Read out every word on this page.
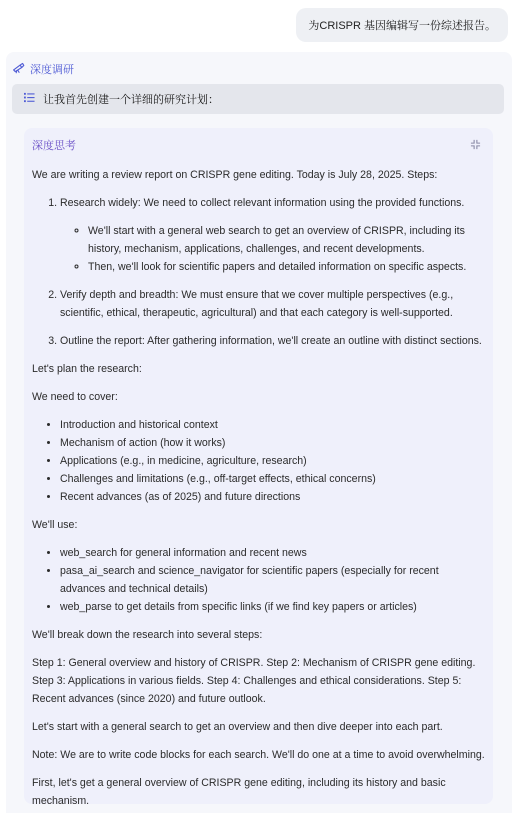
为CRISPR 基因编辑写一份综述报告。
深度调研
让我首先创建一个详细的研究计划：
深度思考

We are writing a review report on CRISPR gene editing. Today is July 28, 2025. Steps:

1. Research widely: We need to collect relevant information using the provided functions.
◦ We'll start with a general web search to get an overview of CRISPR, including its history, mechanism, applications, challenges, and recent developments.
◦ Then, we'll look for scientific papers and detailed information on specific aspects.
2. Verify depth and breadth: We must ensure that we cover multiple perspectives (e.g., scientific, ethical, therapeutic, agricultural) and that each category is well-supported.
3. Outline the report: After gathering information, we'll create an outline with distinct sections.

Let's plan the research:

We need to cover:

• Introduction and historical context
• Mechanism of action (how it works)
• Applications (e.g., in medicine, agriculture, research)
• Challenges and limitations (e.g., off-target effects, ethical concerns)
• Recent advances (as of 2025) and future directions

We'll use:

• web_search for general information and recent news
• pasa_ai_search and science_navigator for scientific papers (especially for recent advances and technical details)
• web_parse to get details from specific links (if we find key papers or articles)

We'll break down the research into several steps:

Step 1: General overview and history of CRISPR. Step 2: Mechanism of CRISPR gene editing. Step 3: Applications in various fields. Step 4: Challenges and ethical considerations. Step 5: Recent advances (since 2020) and future outlook.

Let's start with a general search to get an overview and then dive deeper into each part.

Note: We are to write code blocks for each search. We'll do one at a time to avoid overwhelming.

First, let's get a general overview of CRISPR gene editing, including its history and basic mechanism.
